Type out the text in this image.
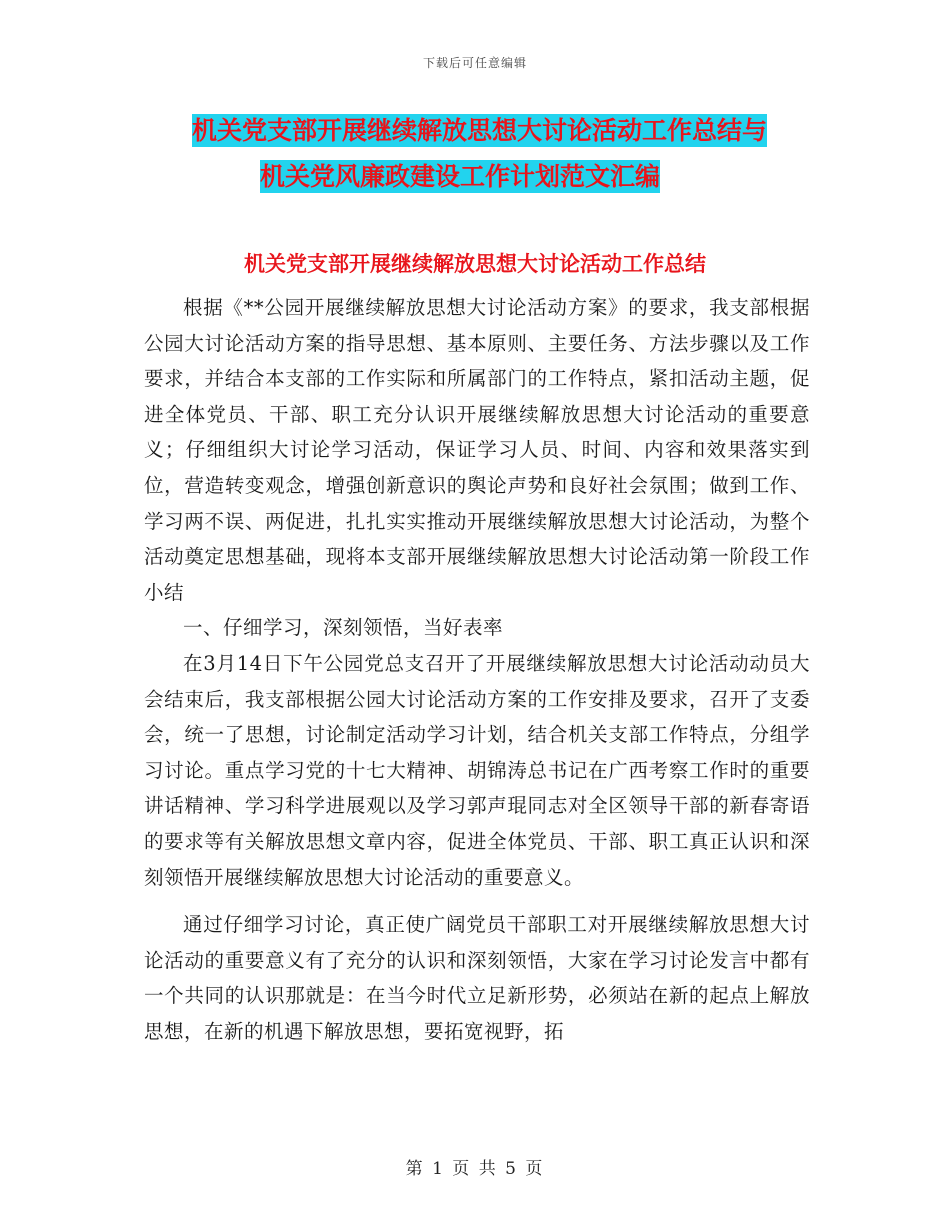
下载后可任意编辑
机关党支部开展继续解放思想大讨论活动工作总结与
机关党风廉政建设工作计划范文汇编
机关党支部开展继续解放思想大讨论活动工作总结

根据《**公园开展继续解放思想大讨论活动方案》的要求，我支部根据公园大讨论活动方案的指导思想、基本原则、主要任务、方法步骤以及工作要求，并结合本支部的工作实际和所属部门的工作特点，紧扣活动主题，促进全体党员、干部、职工充分认识开展继续解放思想大讨论活动的重要意义；仔细组织大讨论学习活动，保证学习人员、时间、内容和效果落实到位，营造转变观念，增强创新意识的舆论声势和良好社会氛围；做到工作、学习两不误、两促进，扎扎实实推动开展继续解放思想大讨论活动，为整个活动奠定思想基础，现将本支部开展继续解放思想大讨论活动第一阶段工作小结

一、仔细学习，深刻领悟，当好表率

在3月14日下午公园党总支召开了开展继续解放思想大讨论活动动员大会结束后，我支部根据公园大讨论活动方案的工作安排及要求，召开了支委会，统一了思想，讨论制定活动学习计划，结合机关支部工作特点，分组学习讨论。重点学习党的十七大精神、胡锦涛总书记在广西考察工作时的重要讲话精神、学习科学进展观以及学习郭声琨同志对全区领导干部的新春寄语的要求等有关解放思想文章内容，促进全体党员、干部、职工真正认识和深刻领悟开展继续解放思想大讨论活动的重要意义。

通过仔细学习讨论，真正使广阔党员干部职工对开展继续解放思想大讨论活动的重要意义有了充分的认识和深刻领悟，大家在学习讨论发言中都有一个共同的认识那就是：在当今时代立足新形势，必须站在新的起点上解放思想，在新的机遇下解放思想，要拓宽视野，拓

第 1 页 共 5 页
